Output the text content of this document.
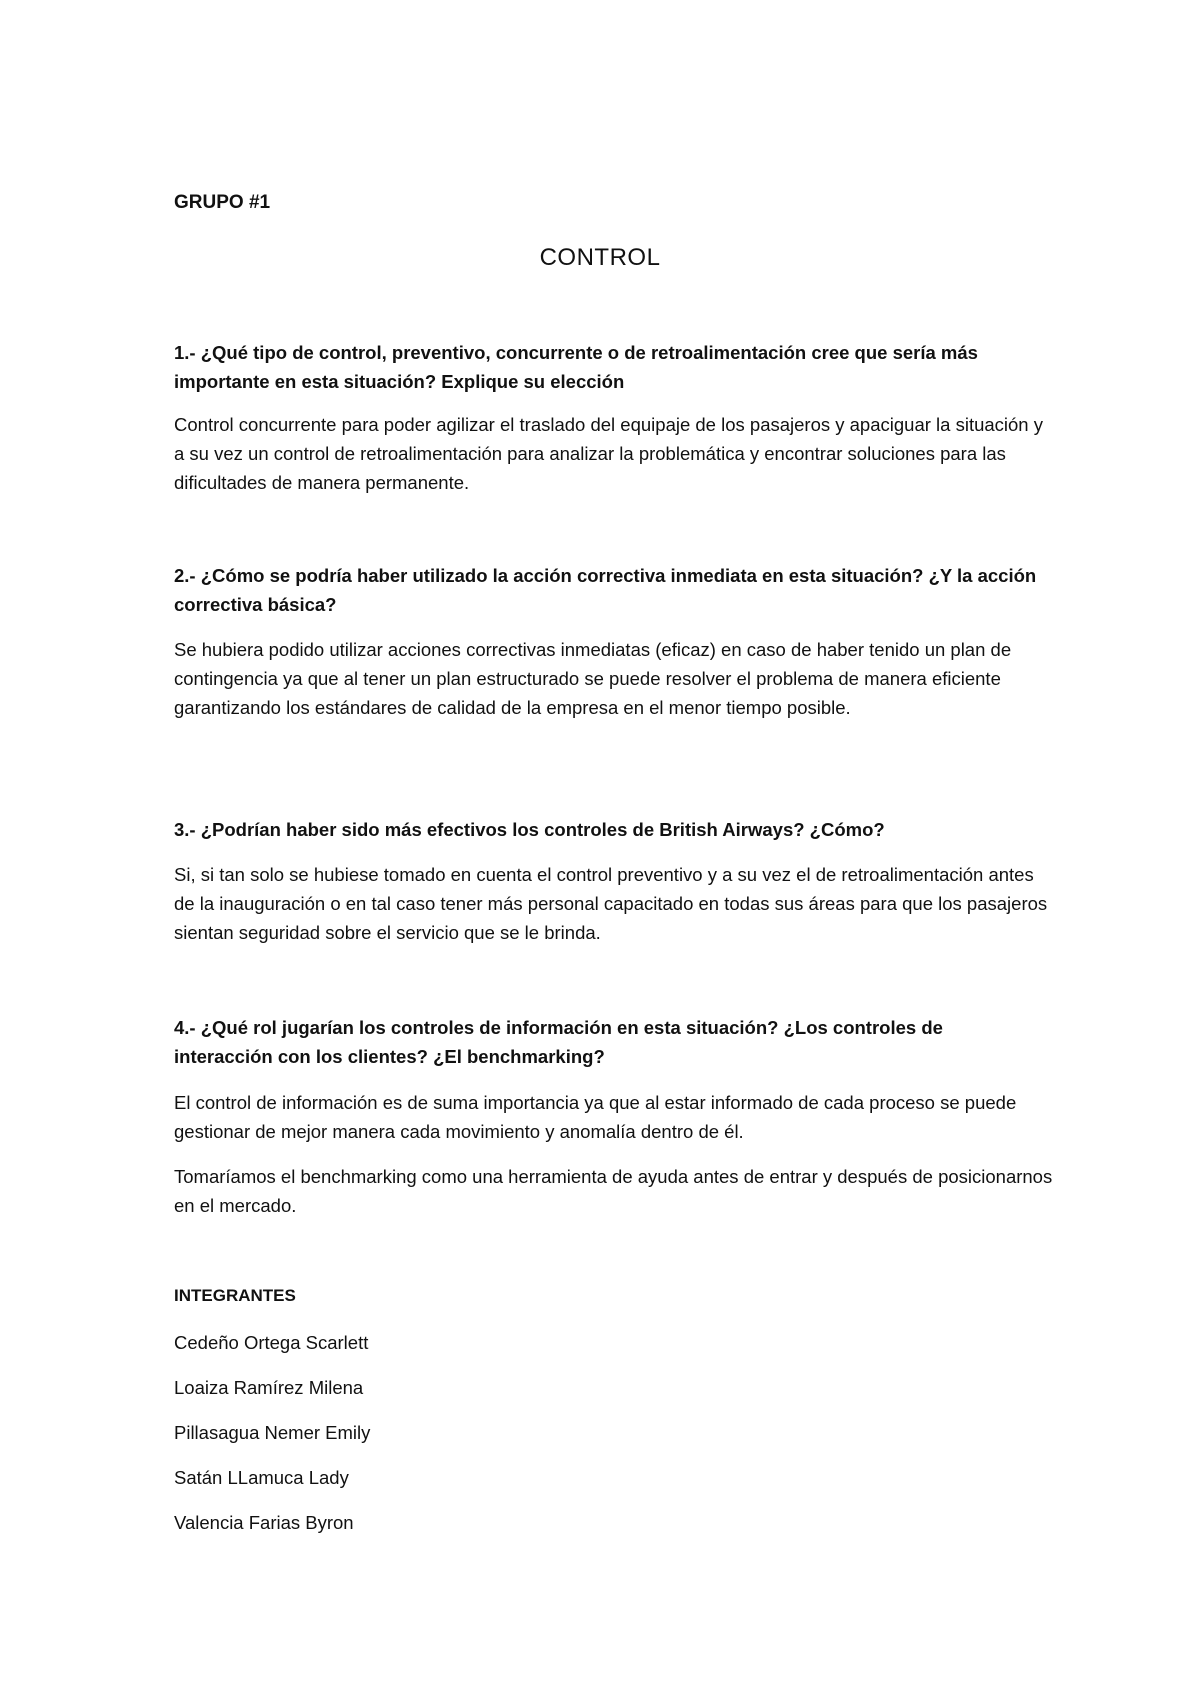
GRUPO #1

CONTROL

1.- ¿Qué tipo de control, preventivo, concurrente o de retroalimentación cree que sería más importante en esta situación? Explique su elección

Control concurrente para poder agilizar el traslado del equipaje de los pasajeros y apaciguar la situación y a su vez un control de retroalimentación para analizar la problemática y encontrar soluciones para las dificultades de manera permanente.

2.- ¿Cómo se podría haber utilizado la acción correctiva inmediata en esta situación? ¿Y la acción correctiva básica?

Se hubiera podido utilizar acciones correctivas inmediatas (eficaz) en caso de haber tenido un plan de contingencia ya que al tener un plan estructurado se puede resolver el problema de manera eficiente garantizando los estándares de calidad de la empresa en el menor tiempo posible.

3.- ¿Podrían haber sido más efectivos los controles de British Airways? ¿Cómo?

Si, si tan solo se hubiese tomado en cuenta el control preventivo y a su vez el de retroalimentación antes de la inauguración o en tal caso tener más personal capacitado en todas sus áreas para que los pasajeros sientan seguridad sobre el servicio que se le brinda.

4.- ¿Qué rol jugarían los controles de información en esta situación? ¿Los controles de interacción con los clientes? ¿El benchmarking?

El control de información es de suma importancia ya que al estar informado de cada proceso se puede gestionar de mejor manera cada movimiento y anomalía dentro de él.

Tomaríamos el benchmarking como una herramienta de ayuda antes de entrar y después de posicionarnos en el mercado.

INTEGRANTES

Cedeño Ortega Scarlett

Loaiza Ramírez Milena

Pillasagua Nemer Emily

Satán LLamuca Lady

Valencia Farias Byron
